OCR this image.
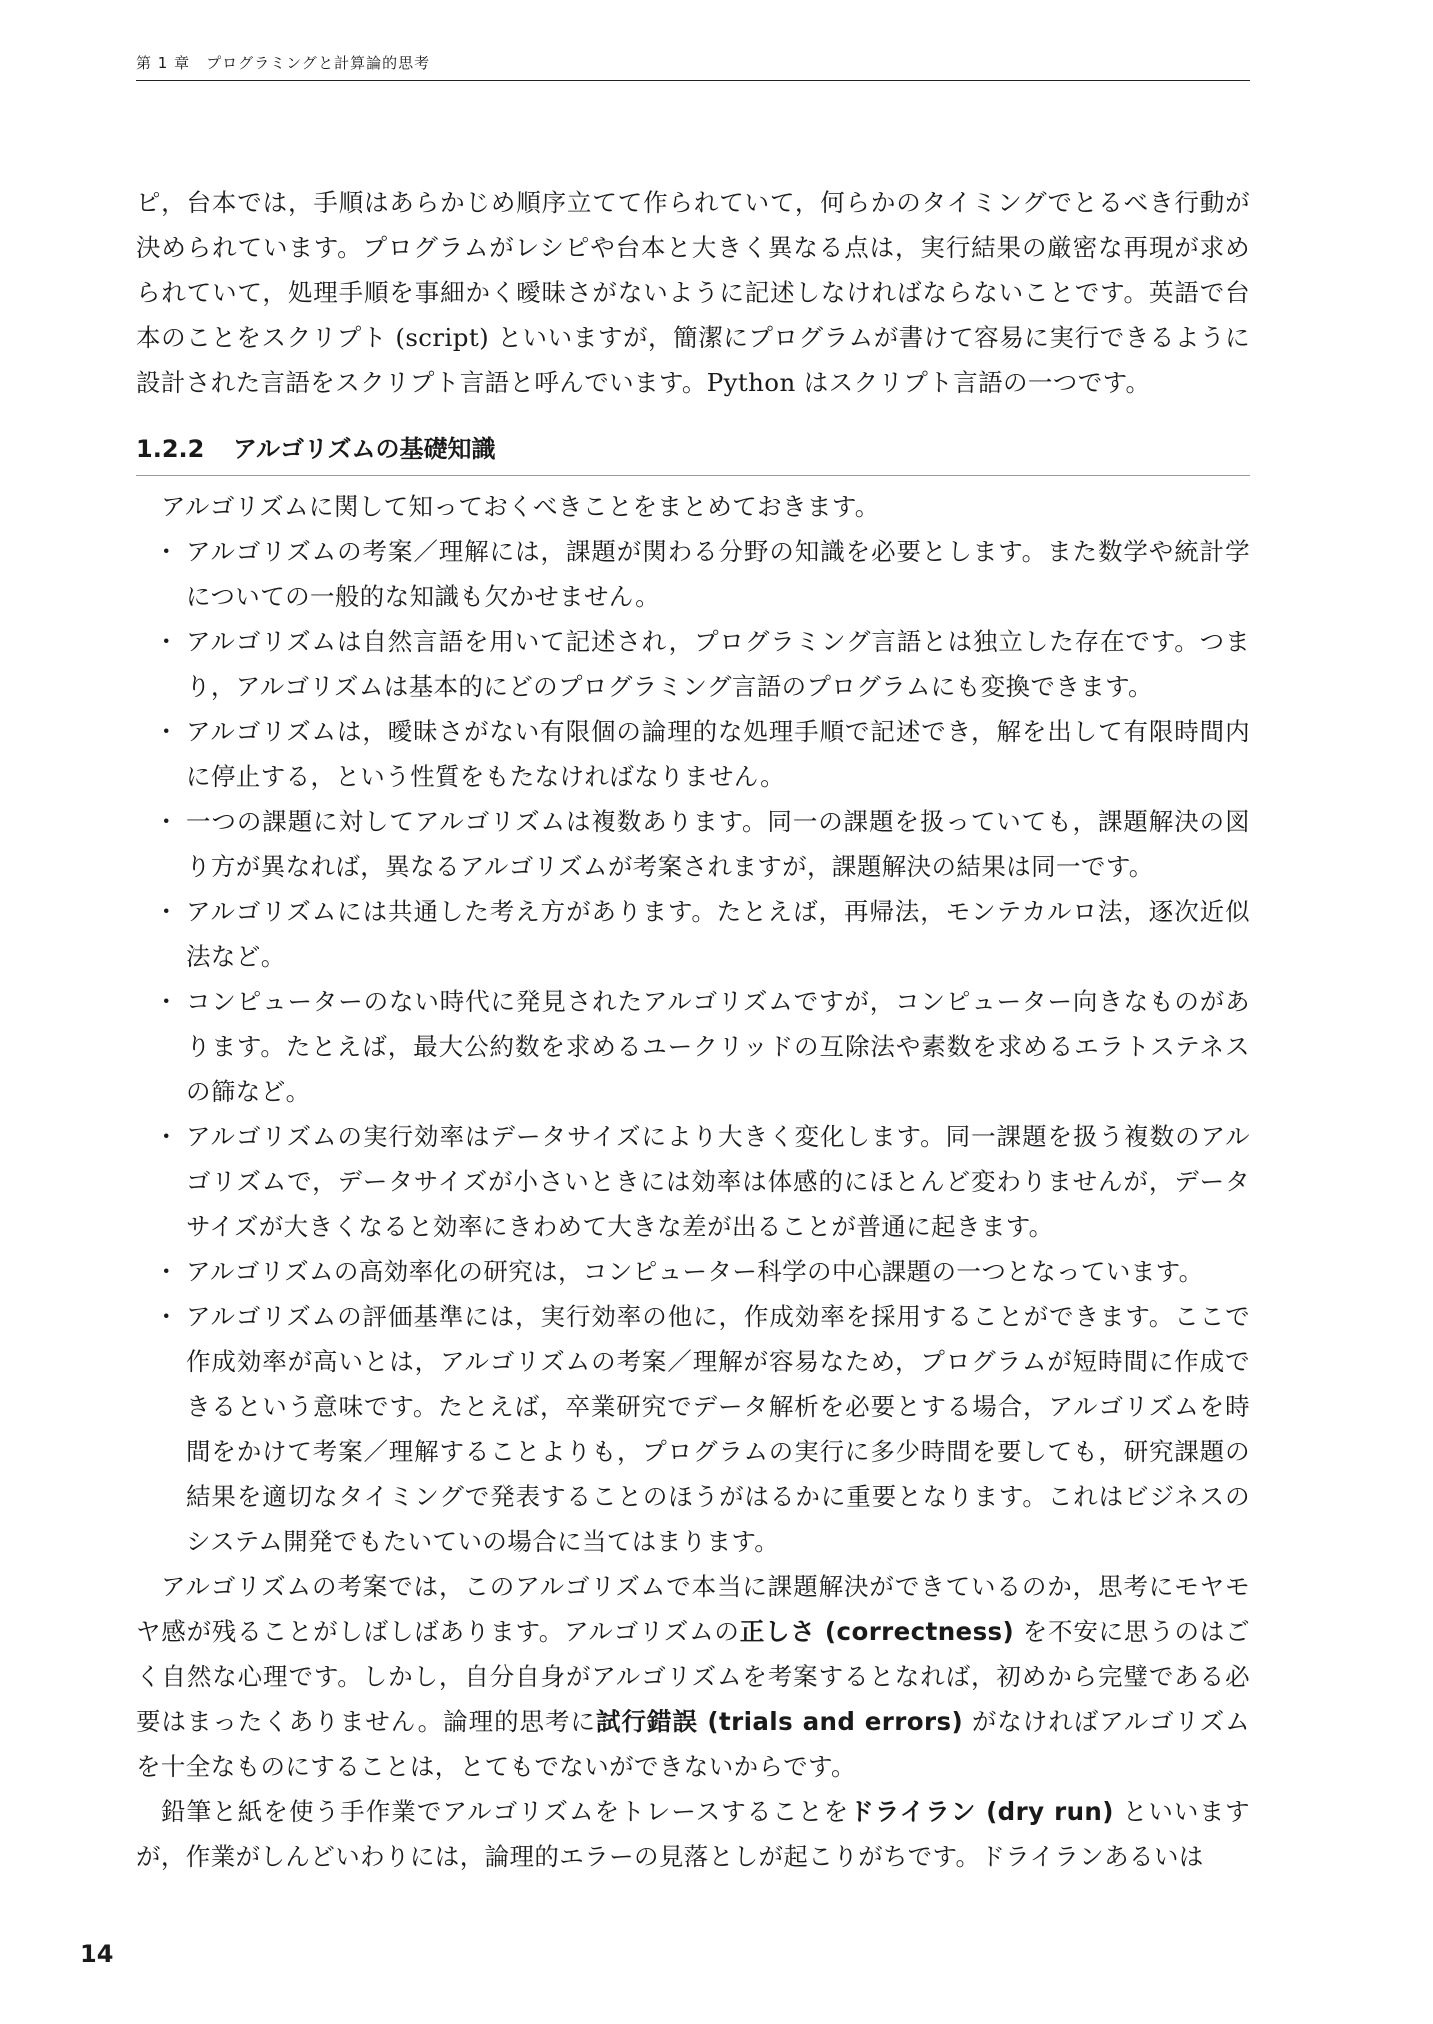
第 1 章　プログラミングと計算論的思考

ピ，台本では，手順はあらかじめ順序立てて作られていて，何らかのタイミングでとるべき行動が決められています。プログラムがレシピや台本と大きく異なる点は，実行結果の厳密な再現が求められていて，処理手順を事細かく曖昧さがないように記述しなければならないことです。英語で台本のことをスクリプト (script) といいますが，簡潔にプログラムが書けて容易に実行できるように設計された言語をスクリプト言語と呼んでいます。Python はスクリプト言語の一つです。

1.2.2 アルゴリズムの基礎知識

アルゴリズムに関して知っておくべきことをまとめておきます。

・ アルゴリズムの考案／理解には，課題が関わる分野の知識を必要とします。また数学や統計学についての一般的な知識も欠かせません。
・ アルゴリズムは自然言語を用いて記述され，プログラミング言語とは独立した存在です。つまり，アルゴリズムは基本的にどのプログラミング言語のプログラムにも変換できます。
・ アルゴリズムは，曖昧さがない有限個の論理的な処理手順で記述でき，解を出して有限時間内に停止する，という性質をもたなければなりません。
・ 一つの課題に対してアルゴリズムは複数あります。同一の課題を扱っていても，課題解決の図り方が異なれば，異なるアルゴリズムが考案されますが，課題解決の結果は同一です。
・ アルゴリズムには共通した考え方があります。たとえば，再帰法，モンテカルロ法，逐次近似法など。
・ コンピューターのない時代に発見されたアルゴリズムですが，コンピューター向きなものがあります。たとえば，最大公約数を求めるユークリッドの互除法や素数を求めるエラトステネスの篩など。
・ アルゴリズムの実行効率はデータサイズにより大きく変化します。同一課題を扱う複数のアルゴリズムで，データサイズが小さいときには効率は体感的にほとんど変わりませんが，データサイズが大きくなると効率にきわめて大きな差が出ることが普通に起きます。
・ アルゴリズムの高効率化の研究は，コンピューター科学の中心課題の一つとなっています。
・ アルゴリズムの評価基準には，実行効率の他に，作成効率を採用することができます。ここで作成効率が高いとは，アルゴリズムの考案／理解が容易なため，プログラムが短時間に作成できるという意味です。たとえば，卒業研究でデータ解析を必要とする場合，アルゴリズムを時間をかけて考案／理解することよりも，プログラムの実行に多少時間を要しても，研究課題の結果を適切なタイミングで発表することのほうがはるかに重要となります。これはビジネスのシステム開発でもたいていの場合に当てはまります。

アルゴリズムの考案では，このアルゴリズムで本当に課題解決ができているのか，思考にモヤモヤ感が残ることがしばしばあります。アルゴリズムの正しさ (correctness) を不安に思うのはごく自然な心理です。しかし，自分自身がアルゴリズムを考案するとなれば，初めから完璧である必要はまったくありません。論理的思考に試行錯誤 (trials and errors) がなければアルゴリズムを十全なものにすることは，とてもでないができないからです。

鉛筆と紙を使う手作業でアルゴリズムをトレースすることをドライラン (dry run) といいますが，作業がしんどいわりには，論理的エラーの見落としが起こりがちです。ドライランあるいは

14
